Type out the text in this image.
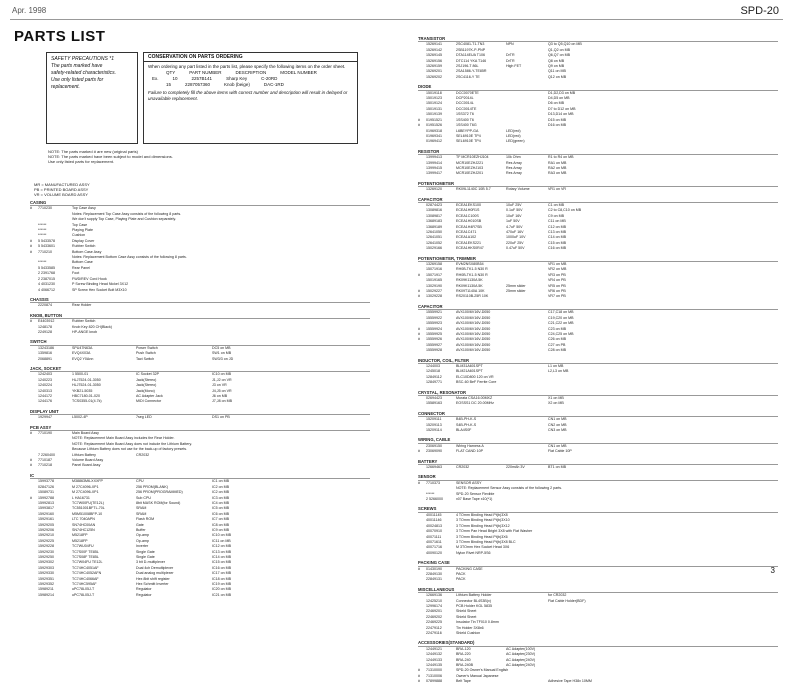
Apr. 1998	SPD-20
PARTS LIST
SAFETY PRECAUTIONS *1
The parts marked have
safety-related characteristics.
Use only listed parts for
replacement.
CONSERVATION ON PARTS ORDERING
When ordering any part listed in the parts list, please specify the following items on the order sheet.
QTY	PART NUMBER	DESCRIPTION	MODEL NUMBER
Ex.	10	2257B141	Sharp Key	C-20RD
15	2287057360	Knob (beige)	DAC-1RD
Failure to completely fill the above items with correct number and description will result in delayed or unavailable replacement.
NOTE: The parts marked # are new (original parts)
NOTE: The parts marked have been subject to model and dimensions.
Use only listed parts for replacement.
MR = MANUFACTURED ASSY
PB = PRINTED BOARD ASSY
VR = VOLUME BOARD ASSY
CASING
#	7710230	Top Case Assy
Notes: Replacement Top Case Assy consists of the following 8 parts.
We don't supply Top Case, Playing Plate and Cushion separately.
******	Top Case
******	Playing Plate
******	Cushion
#	5 5433578	Display Cover
#	5 5433601	Rubber Switch
#	7710210	Bottom Case Assy
Notes: Replacement Bottom Case Assy consists of the following 8 parts.
******	Bottom Case
5 5433585	Rear Panel
2 2391768	Foot
2 2387015	FWD/REV Cord Hook
4 4031230	P Screw Binding Head Nickel 3X12
4 4066712	SP Screw Hex Socket Bolt M3X10
CHASSIS
2220874	Rear Holder
KNOB, BUTTON
#	E4403912	Rubber Switch
1248178	Knob Key 820 CH(Black)
2249128	HP-ANGE knob
SWITCH
13243186	SPU47N63A	Power Switch	DC5 on MB
1359816	EVQ4X03A	Push Switch	SW1 on MB
2068891	EVQ2 Y0Ann	Tact Switch	SW3/3 on JD
JACK, SOCKET
1242403	1 5500-01	IC Socket 32P	IC10 on MB
1240223	HLJ7524-01-3050	Jack(Stereo)	J1,J2 on VR
1240224	HLJ7524-01-3050	Jack(Stereo)	J3 on VR
1240313	YKB21-5035	Jack(Mono)	J4,J5 on VR
1244172	HBC7180-01-020	AC Adapter Jack	J6 on MB
1244176	TCS0355-01(4.7k)	MIDI Connector	J7,J8 on MB
DISPLAY UNIT
1929947	L5002-4P	7seg LED	DS1 on PB
PCB ASSY
#	7710190	Main Board Assy
NOTE: Replacement Main Board Assy includes the Rear Holder.
NOTE: Replacement Main Board Assy does not include the Lithium Battery.
Because Lithium Battery does not use for the back-up of factory presets.
7 2260400	Lithium Battery	CR2032
#	7710187	Volume Board Assy
#	7710218	Panel Board Assy
IC
15993778	M38863M6-XXXFP	CPU	IC1 on MB
02847126	M 27C4096-XP1	256 PROM(BLANK)	IC2 on MB
15089731	M 27C4096-XP1	256 PROM(PROGRAMMED)	IC2 on MB
#	15992788	L HA16731	Sub CPU	IC3 on MB
15992813	TC7W00FU(TE12L)	8bit MASK ROM(for Sound)	IC4 on MB
15993817	TC551001BFTL-70L	SRAM	IC5 on MB
15929160	M5M51008BFP-10	SRAM	IC6 on MB
15929161	LTC 7040APN	Flash ROM	IC7 on MB
15929205	SN74HC00AN	Gate	IC8 on MB
15929206	SN74HC125N	Buffer	IC9 on MB
15929210	M5218FP	Op-amp	IC10 on MB
15929225	M5218FP	Op-amp	IC11 on MB
15929228	TC7WU04FU	Inverter	IC12 on MB
15929230	TC7S00F TE85L	Single Gate	IC13 on MB
15929250	TC7S08F TE85L	Single Gate	IC14 on MB
15929302	TC7W04FU TE12L	3 bit D-multiplexer	IC15 on MB
15929303	TC74HC4051AF	Dual 4ch Demultiplexer	IC16 on MB
15929330	TC74HC4052AFN	Dual analog multiplexer	IC17 on MB
15929351	TC74HC4066AF	Hex 8bit shift register	IC18 on MB
15929352	TC74HC595AF	Hex Schmitt Inverter	IC19 on MB
15989211	uPC78L05J-T	Regulator	IC20 on MB
15989214	uPC78L05J-T	Regulator	IC21 on MB
TRANSISTOR
15269141	2SC4081-T1-TN3	NPN	Q3 to Q5,Q10 on MB
15269142	2SB1197K-P-PNP	Q1,Q2 on MB
15269145	DTA114EUA T106	DrTR	Q6,Q7 on MB
15269156	DTC114 YKA T146	DrTR	Q8 on MB
15269159	2SJ196-T 86L	High FET	Q9 on MB
15269201	2SA1586-Y-TE85R	Q11 on MB
15269202	2SC4116-Y TE	Q12 on MB
DIODE
15019118	DCC0070ETE	D1,D2,D3 on MB
15019123	DCP2014L	D4,D5 on MB
15019124	DCC0014L	D6 on MB
15019131	DCC0014TE	D7 to D12 on MB
15019139	1SS372 T6	D13,D14 on MB
#	01951521	1SS400 T6	D15 on MB
#	01951526	1SS400 T6G	D16 on MB
01969318	L6BEYPP-GA	LED(red)
01969341	SEL6910E TP4	LED(red)
01969412	SEL6910E TP4	LED(green)
RESISTOR
13999413	TF MCR10EZHJ104	10k Ohm	R1 to R4 on MB
13999414	MCR10EZHJ221	Res Array	RA1 on MB
13999415	MCR10EZHJ103	Res Array	RA2 on MB
13999417	MCR10EZHJ201	Res Array	RA3 on MB
POTENTIOMETER
13269120	RK09L1140C 10B 5.7	Rotary Volume	VR1 on VR
CAPACITOR
02874423	ECEA1EKS100	10uF 25V	C1 on MB
13089816	ECEA1H0R1S	0.1uF 50V	C2 to C8,C10 on MB
13089817	ECEA1C100S	10uF 16V	C9 on MB
13689183	ECEA1H010SB	1uF 50V	C11 on MB
13689189	ECEA1H4R7SB	4.7uF 50V	C12 on MB
12641050	ECEA1C471	470uF 16V	C13 on MB
12641051	ECEA1A102	1000uF 10V	C14 on MB
12641052	ECEA1EKS221	220uF 25V	C15 on MB
15029166	ECEA1HKS0R47	0.47uF 50V	C16 on MB
POTENTIOMETER, TRIMMER
13269158	EVM2NSX80B54	VR1 on MB
15071916	RH0B-TK1-5 N30 R	VR2 on MB
#	15071917	RH0B-TK1-5 N30 R	VR3 on PB
15019165	RK09K1130A 5K	VR4 on PB
13029190	RK09K1130A 5K	25mm slider	VR5 on PB
#	15029227	RK09T1140A 10K	25mm slider	VR6 on PB
#	13029228	RS20110B-25R 10K	VR7 on PB
CAPACITOR
15559921	AVX100/6V16V-D050	C17,C18 on MB
15559922	AVX100/6V16V-D050	C19,C20 on MB
15559923	AVX100/6V16V-D050	C21,C22 on MB
#	15559924	AVX100/6V16V-D050	C23 on MB
#	15559925	AVX100/6V16V-D050	C24,C25 on MB
#	15559926	AVX100/6V16V-D050	C26 on MB
15559927	AVX100/6V16V-D050	C27 on PB
15559928	AVX100/6V16V-D050	C28 on MB
INDUCTOR, COIL, FILTER
1244003	BLM31A601SPT	L1 on MB
1245018	BLM21A601SPT	L2,L3 on MB
12849112	ELC10D800 120 on VR
12849771	BSC-60 BeF Ferrite Core
CRYSTAL, RESONATOR
02694423	Murata CSA16.00MXZ	X1 on MB
15589163	EOSSS1 DC 20.00MHz	X2 on MB
CONNECTOR
15209111	B4B-PH-K-S	CN1 on MB
15209113	S4B-PH-K-S	CN2 on MB
15209114	BLA4S0F	CN3 on MB
WIRING, CABLE
23069150	Wiring Harness A	CN1 on MB
#	23069090	FLAT CAND 10P	Flat Cable 10P
BATTERY
12669463	CR2032	220mAh 3V	BT1 on MB
SENSOR
#	7710373	SENSOR ASSY
NOTE: Replacement Sensor Assy consists of the following 2 parts.
******	SPD-20 Sensor Flexible
2 5266000	x07 Base Tape x10(*1)
SCREWS
40011145	4 TOmm Binding Head Pt(b)3X8
40011146	3 TOmm Binding Head Pt(b)3X10
40024813	3 TOmm Binding Head Pt(b)3X12
40070910	3 TOmm Pan Head Bright 3X8 with Flat Washer
40071111	3 TOmm Binding Head Pt(b)3X6
40071611	3 TOmm Binding Head Pt(b)3X8 BLC
40071716	M 3TOmm Hex Socket Head 3X6
40090120	Nylon Rivet NRP-5S6
PACKING CASE
#	01430190	PACKING CASE
22849130	PACK
22849131	PACK
MISCELLANEOUS
12669136	Lithium Battery Holder	for CR2032
12425210	Connector BL4S3B(x)	Flat Cable Holder(BDF)
12996174	PCB Holder KGL 5835
22469201	Shield Sheet
22469202	Shield Sheet
22469225	Insulator Tin TF010 0.8mm
22479112	Tin Holder 3X8x6
22479116	Shield Cushion
ACCESSORIES(STANDARD)
12449121	BRA-120	AC Adapter(100V)
12449132	BRA-220	AC Adapter(230V)
12449133	BRA-240	AC Adapter(240V)
12449135	BRA-240B	AC Adapter(240V)
#	71310000	SPD-20 Owner's Manual English
#	71310006	Owner's Manual Japanese
#	07899888	Belt Tape	Adhesive Tape H38x 10MM
3
